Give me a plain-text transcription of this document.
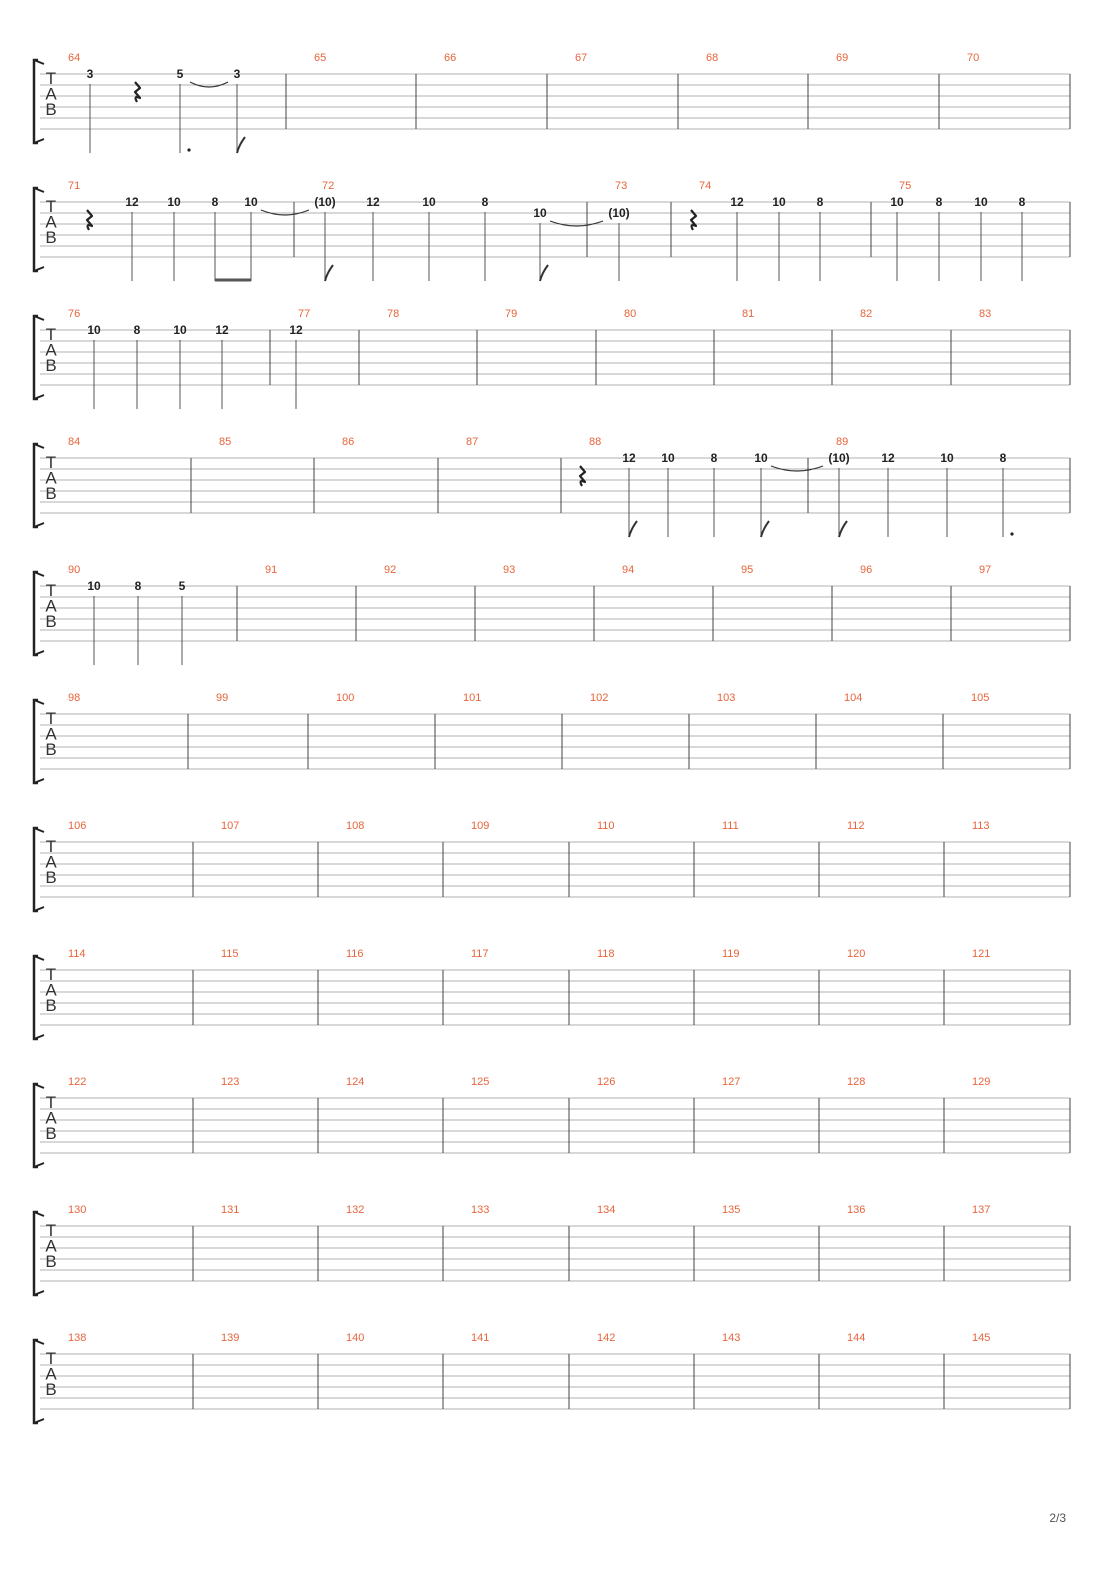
T
A
B
64
3	5	3
65	66	67	68	69	70
T
A
B
71
12 10	8 10
72
(10)	12	10	8
10
73
(10)
74
12 10	8
75
10	8	10	8
T
A
B
76
10	8	10 12
77
12
78	79	80	81	82	83
T
A
B
84	85	86	87	88
12 10	8	10
89
(10)	12	10	8
T
A
B
90
10	8	5
91	92	93	94	95	96	97
T
A
B
98	99	100	101	102	103	104	105
T
A
B
106	107	108	109	110	111	112	113
T
A
B
114	115	116	117	118	119	120	121
T
A
B
122	123	124	125	126	127	128	129
T
A
B
130	131	132	133	134	135	136	137
T
A
B
138	139	140	141	142	143	144	145
2/3
